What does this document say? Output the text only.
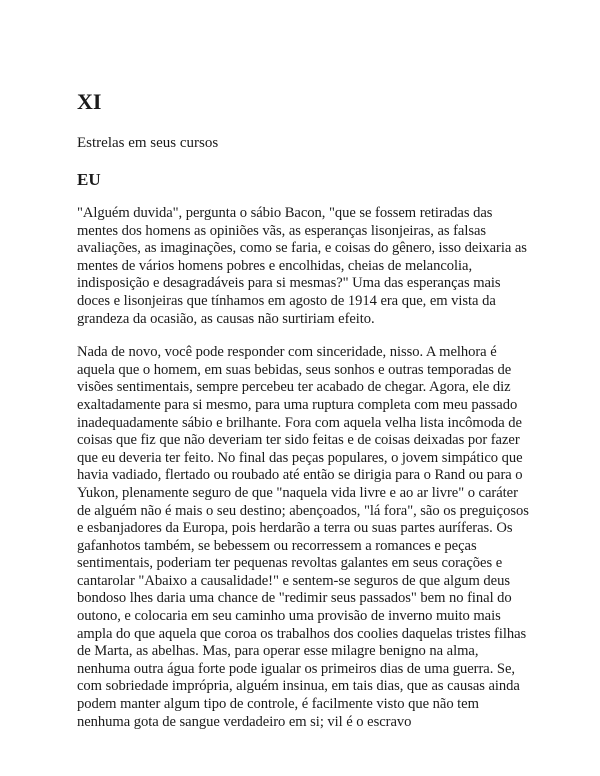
XI

Estrelas em seus cursos

EU

"Alguém duvida", pergunta o sábio Bacon, "que se fossem retiradas das mentes dos homens as opiniões vãs, as esperanças lisonjeiras, as falsas avaliações, as imaginações, como se faria, e coisas do gênero, isso deixaria as mentes de vários homens pobres e encolhidas, cheias de melancolia, indisposição e desagradáveis para si mesmas?" Uma das esperanças mais doces e lisonjeiras que tínhamos em agosto de 1914 era que, em vista da grandeza da ocasião, as causas não surtiriam efeito.

Nada de novo, você pode responder com sinceridade, nisso. A melhora é aquela que o homem, em suas bebidas, seus sonhos e outras temporadas de visões sentimentais, sempre percebeu ter acabado de chegar. Agora, ele diz exaltadamente para si mesmo, para uma ruptura completa com meu passado inadequadamente sábio e brilhante. Fora com aquela velha lista incômoda de coisas que fiz que não deveriam ter sido feitas e de coisas deixadas por fazer que eu deveria ter feito. No final das peças populares, o jovem simpático que havia vadiado, flertado ou roubado até então se dirigia para o Rand ou para o Yukon, plenamente seguro de que "naquela vida livre e ao ar livre" o caráter de alguém não é mais o seu destino; abençoados, "lá fora", são os preguiçosos e esbanjadores da Europa, pois herdarão a terra ou suas partes auríferas. Os gafanhotos também, se bebessem ou recorressem a romances e peças sentimentais, poderiam ter pequenas revoltas galantes em seus corações e cantarolar "Abaixo a causalidade!" e sentem-se seguros de que algum deus bondoso lhes daria uma chance de "redimir seus passados" bem no final do outono, e colocaria em seu caminho uma provisão de inverno muito mais ampla do que aquela que coroa os trabalhos dos coolies daquelas tristes filhas de Marta, as abelhas. Mas, para operar esse milagre benigno na alma, nenhuma outra água forte pode igualar os primeiros dias de uma guerra. Se, com sobriedade imprópria, alguém insinua, em tais dias, que as causas ainda podem manter algum tipo de controle, é facilmente visto que não tem nenhuma gota de sangue verdadeiro em si; vil é o escravo
